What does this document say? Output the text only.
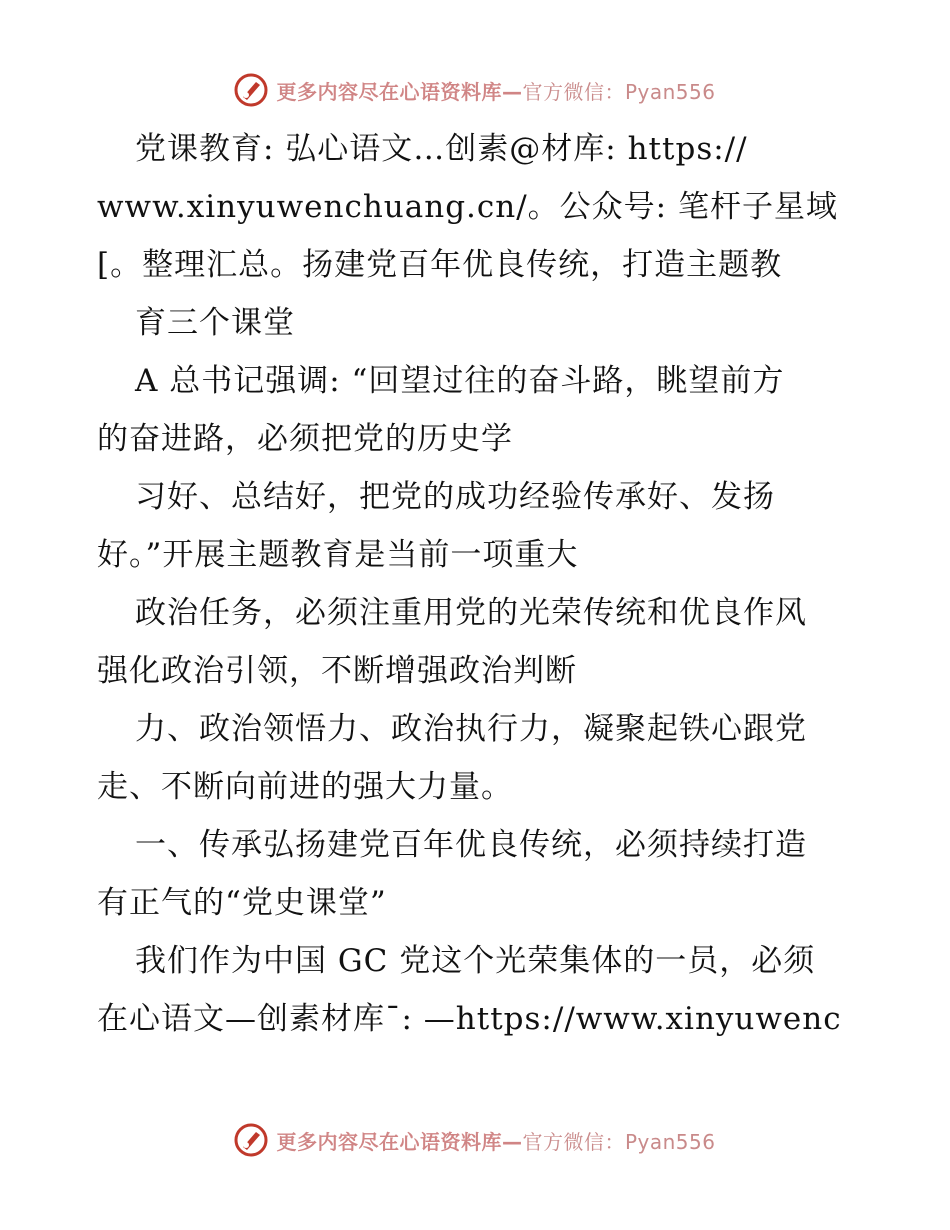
更多内容尽在心语资料库—官方微信：Pyan556
党课教育: 弘心语文…创素@材库: https://
www.xinyuwenchuang.cn/。公众号: 笔杆子星域
[。整理汇总。扬建党百年优良传统，打造主题教
育三个课堂
A 总书记强调: “回望过往的奋斗路，眺望前方
的奋进路，必须把党的历史学
习好、总结好，把党的成功经验传承好、发扬
好。”开展主题教育是当前一项重大
政治任务，必须注重用党的光荣传统和优良作风
强化政治引领，不断增强政治判断
力、政治领悟力、政治执行力，凝聚起铁心跟党
走、不断向前进的强大力量。
一、传承弘扬建党百年优良传统，必须持续打造
有正气的“党史课堂”
我们作为中国 GC 党这个光荣集体的一员，必须
在心语文—创素材库¯: —https://www.xinyuwenc
更多内容尽在心语资料库—官方微信：Pyan556
